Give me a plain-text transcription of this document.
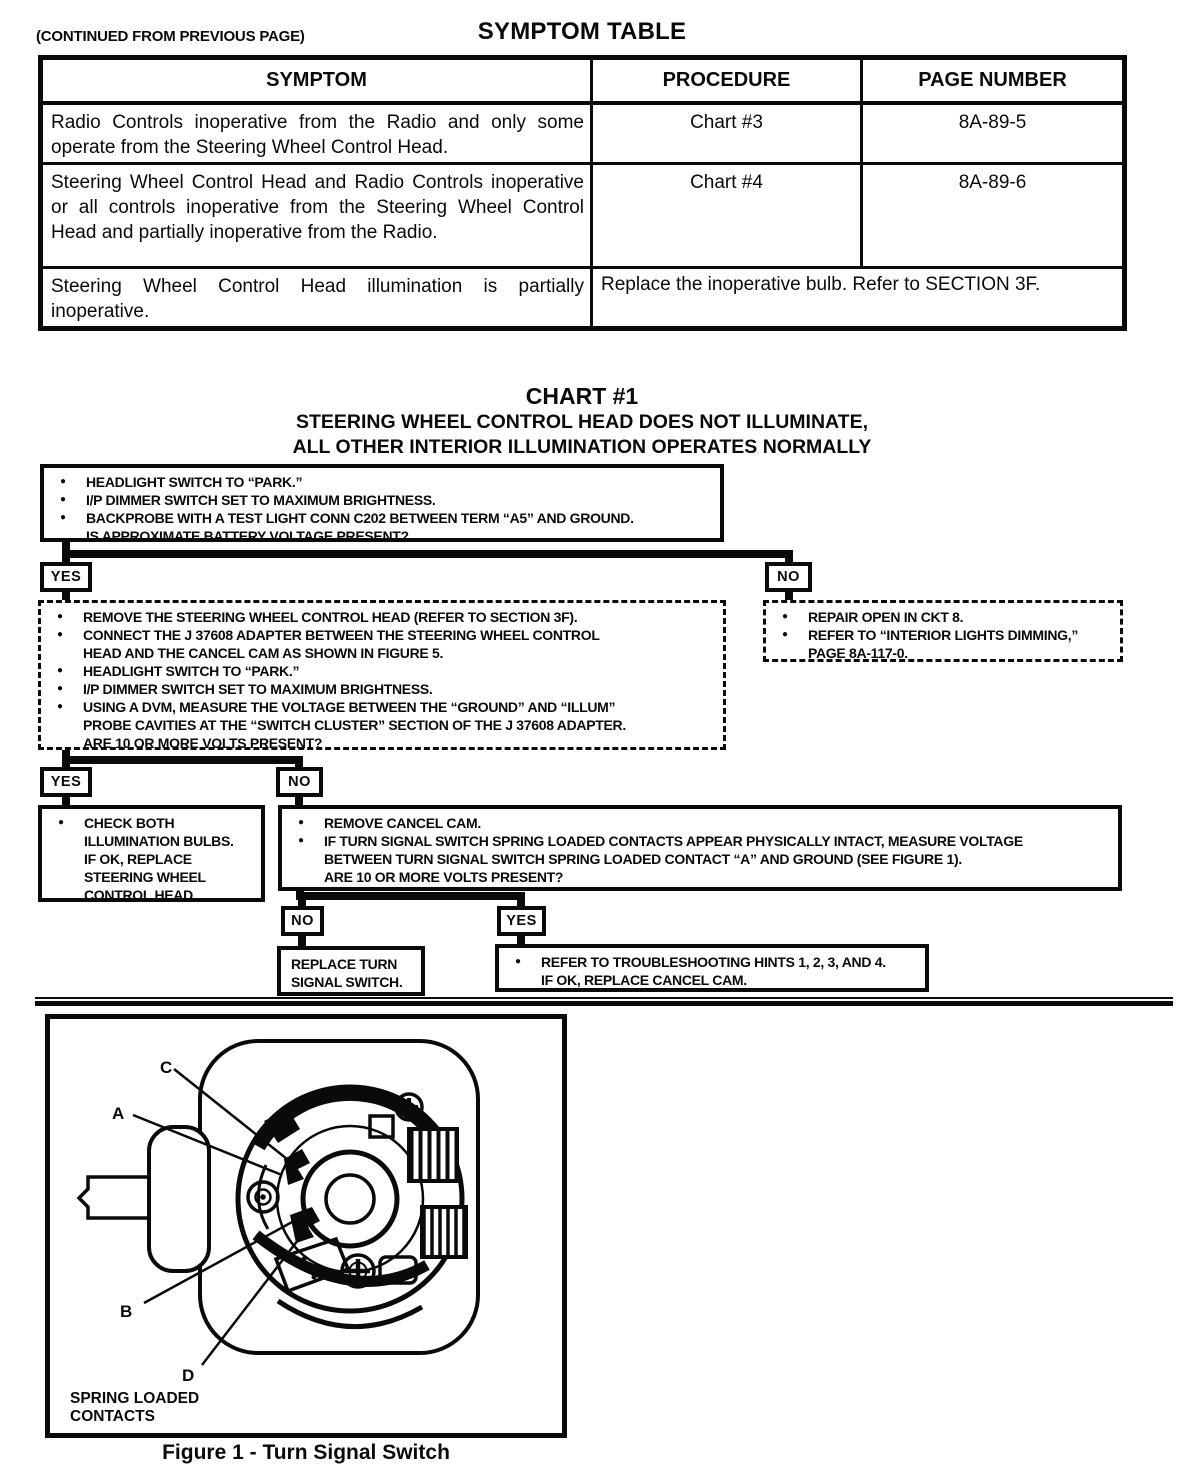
(CONTINUED FROM PREVIOUS PAGE)	SYMPTOM TABLE
SYMPTOM	PROCEDURE	PAGE NUMBER
Radio Controls inoperative from the Radio and only some operate from the Steering Wheel Control Head.	Chart #3	8A-89-5
Steering Wheel Control Head and Radio Controls inoperative or all controls inoperative from the Steering Wheel Control Head and partially inoperative from the Radio.	Chart #4	8A-89-6
Steering Wheel Control Head illumination is partially inoperative.	Replace the inoperative bulb. Refer to SECTION 3F.	
CHART #1
STEERING WHEEL CONTROL HEAD DOES NOT ILLUMINATE,
ALL OTHER INTERIOR ILLUMINATION OPERATES NORMALLY
●	HEADLIGHT SWITCH TO “PARK.”
●	I/P DIMMER SWITCH SET TO MAXIMUM BRIGHTNESS.
●	BACKPROBE WITH A TEST LIGHT CONN C202 BETWEEN TERM “A5” AND GROUND.
IS APPROXIMATE BATTERY VOLTAGE PRESENT?
YES	NO
●	REMOVE THE STEERING WHEEL CONTROL HEAD (REFER TO SECTION 3F).
●	CONNECT THE J 37608 ADAPTER BETWEEN THE STEERING WHEEL CONTROL
HEAD AND THE CANCEL CAM AS SHOWN IN FIGURE 5.
●	HEADLIGHT SWITCH TO “PARK.”
●	I/P DIMMER SWITCH SET TO MAXIMUM BRIGHTNESS.
●	USING A DVM, MEASURE THE VOLTAGE BETWEEN THE “GROUND” AND “ILLUM”
PROBE CAVITIES AT THE “SWITCH CLUSTER” SECTION OF THE J 37608 ADAPTER.
ARE 10 OR MORE VOLTS PRESENT?
●	REPAIR OPEN IN CKT 8.
●	REFER TO “INTERIOR LIGHTS DIMMING,”
PAGE 8A-117-0.
YES	NO
●	CHECK BOTH
ILLUMINATION BULBS.
IF OK, REPLACE
STEERING WHEEL
CONTROL HEAD.
●	REMOVE CANCEL CAM.
●	IF TURN SIGNAL SWITCH SPRING LOADED CONTACTS APPEAR PHYSICALLY INTACT, MEASURE VOLTAGE
BETWEEN TURN SIGNAL SWITCH SPRING LOADED CONTACT “A” AND GROUND (SEE FIGURE 1).
ARE 10 OR MORE VOLTS PRESENT?
NO	YES
REPLACE TURN
SIGNAL SWITCH.
●	REFER TO TROUBLESHOOTING HINTS 1, 2, 3, AND 4.
IF OK, REPLACE CANCEL CAM.
C
A
B
D
SPRING LOADED
CONTACTS
Figure 1 - Turn Signal Switch
